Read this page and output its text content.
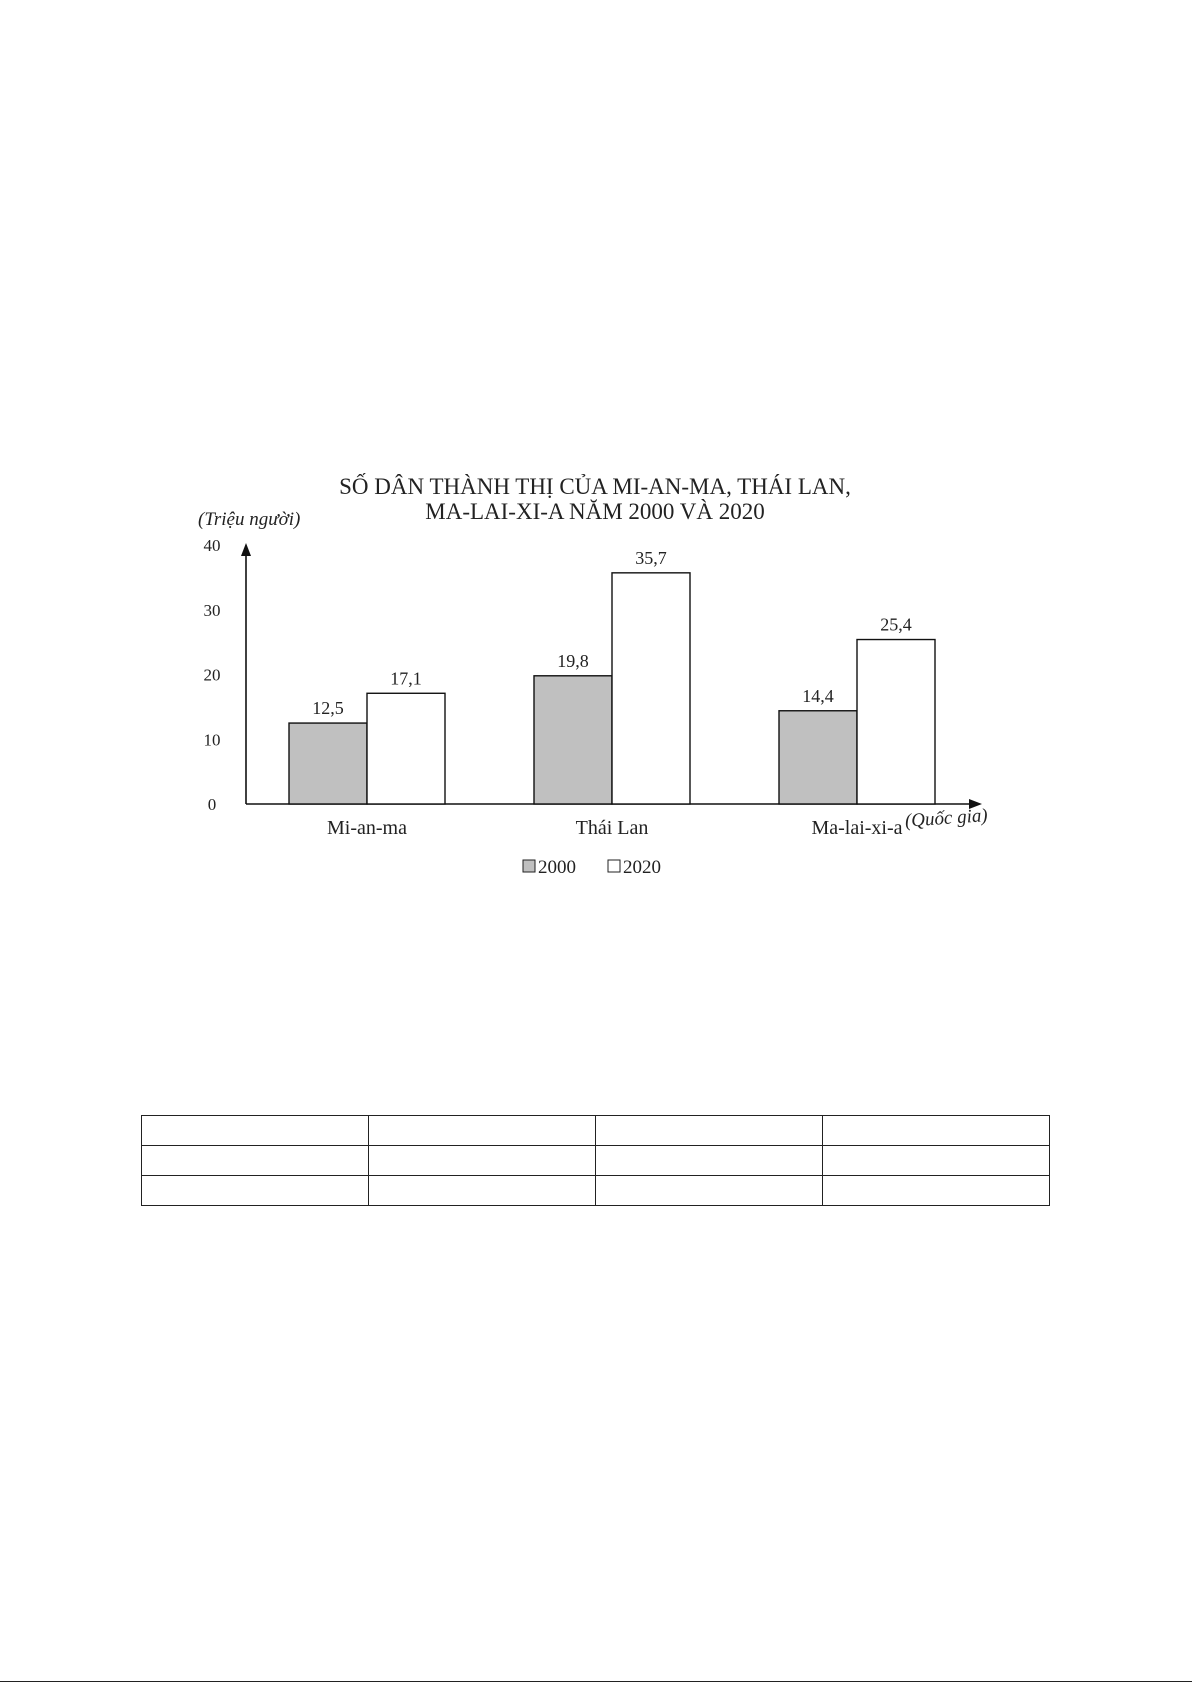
SỐ DÂN THÀNH THỊ CỦA MI-AN-MA, THÁI LAN,
MA-LAI-XI-A NĂM 2000 VÀ 2020
(Triệu người)
(Quốc gia)
0
10
20
30
40
12,5
17,1
19,8
35,7
14,4
25,4
Mi-an-ma	Thái Lan	Ma-lai-xi-a
2000 2020
